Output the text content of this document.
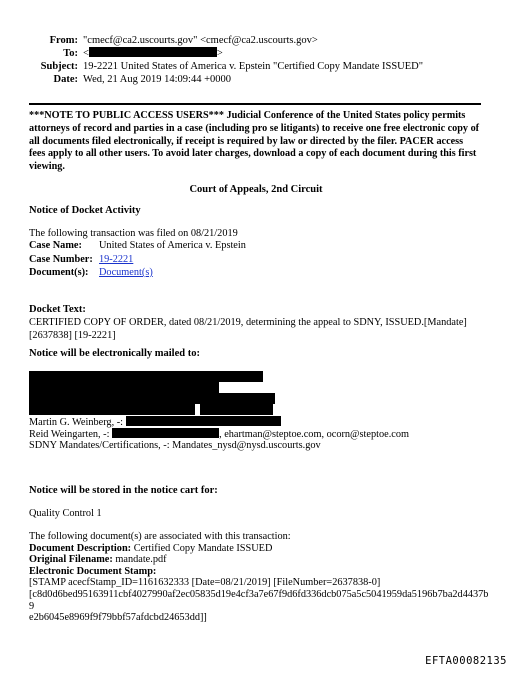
From: "cmecf@ca2.uscourts.gov" <cmecf@ca2.uscourts.gov>
To: <	>
Subject: 19-2221 United States of America v. Epstein "Certified Copy Mandate ISSUED"
Date: Wed, 21 Aug 2019 14:09:44 +0000
***NOTE TO PUBLIC ACCESS USERS*** Judicial Conference of the United States policy permits attorneys of record and parties in a case (including pro se litigants) to receive one free electronic copy of all documents filed electronically, if receipt is required by law or directed by the filer. PACER access fees apply to all other users. To avoid later charges, download a copy of each document during this first viewing.
Court of Appeals, 2nd Circuit
Notice of Docket Activity
The following transaction was filed on 08/21/2019
Case Name:	United States of America v. Epstein
Case Number: 19-2221
Document(s):	Document(s)
Docket Text:
CERTIFIED COPY OF ORDER, dated 08/21/2019, determining the appeal to SDNY, ISSUED.[Mandate] [2637838] [19-2221]
Notice will be electronically mailed to:
Martin G. Weinberg, -:
Reid Weingarten, -:	, ehartman@steptoe.com, ocorn@steptoe.com
SDNY Mandates/Certifications, -: Mandates_nysd@nysd.uscourts.gov
Notice will be stored in the notice cart for:
Quality Control 1
The following document(s) are associated with this transaction:
Document Description: Certified Copy Mandate ISSUED
Original Filename: mandate.pdf
Electronic Document Stamp:
[STAMP acecfStamp_ID=1161632333 [Date=08/21/2019] [FileNumber=2637838-0]
[c8d0d6bed95163911cbf4027990af2ec05835d19e4cf3a7e67f9d6fd336dcb075a5c5041959da5196b7ba2d4437b9
e2b6045e8969f9f79bbf57afdcbd24653dd]]
EFTA00082135
